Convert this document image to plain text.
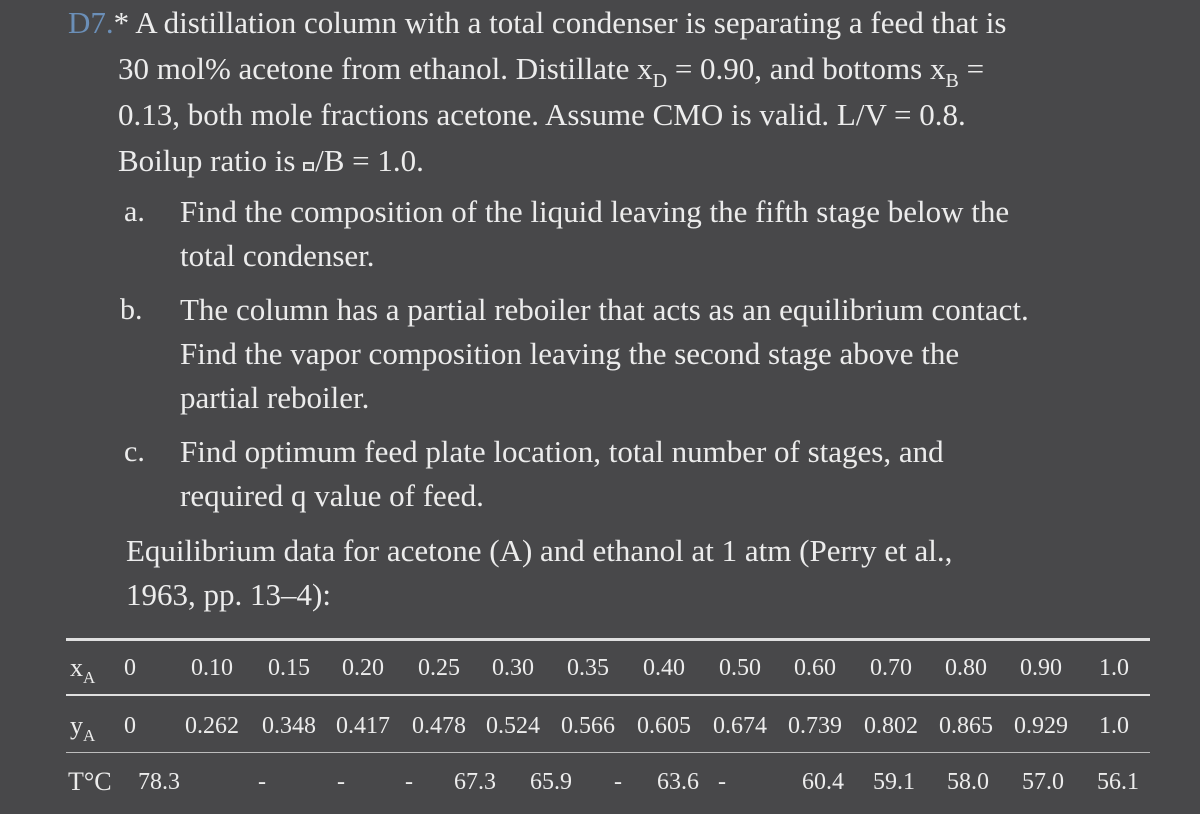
D7.* A distillation column with a total condenser is separating a feed that is
30 mol% acetone from ethanol. Distillate $x_D = 0.90$, and bottoms $x_B$ =
0.13, both mole fractions acetone. Assume CMO is valid. L/V = 0.8.
Boilup ratio is
/B = 1.0.
a. Find the composition of the liquid leaving the fifth stage below the
total condenser.
b. The column has a partial reboiler that acts as an equilibrium contact.
Find the vapor composition leaving the second stage above the
partial reboiler.
c. Find optimum feed plate location, total number of stages, and
required q value of feed.
Equilibrium data for acetone (A) and ethanol at 1 atm (Perry et al.,
1963, pp. 13–4):
$x_A$ 0 0.10 0.15 0.20 0.25 0.30 0.35 0.40 0.50 0.60 0.70 0.80 0.90 1.0
$y_A$ 0 0.262 0.348 0.417 0.478 0.524 0.566 0.605 0.674 0.739 0.802 0.865 0.929 1.0
T°C 78.3	-	-	- 67.3 65.9 - 63.6 -	60.4 59.1 58.0 57.0 56.1
